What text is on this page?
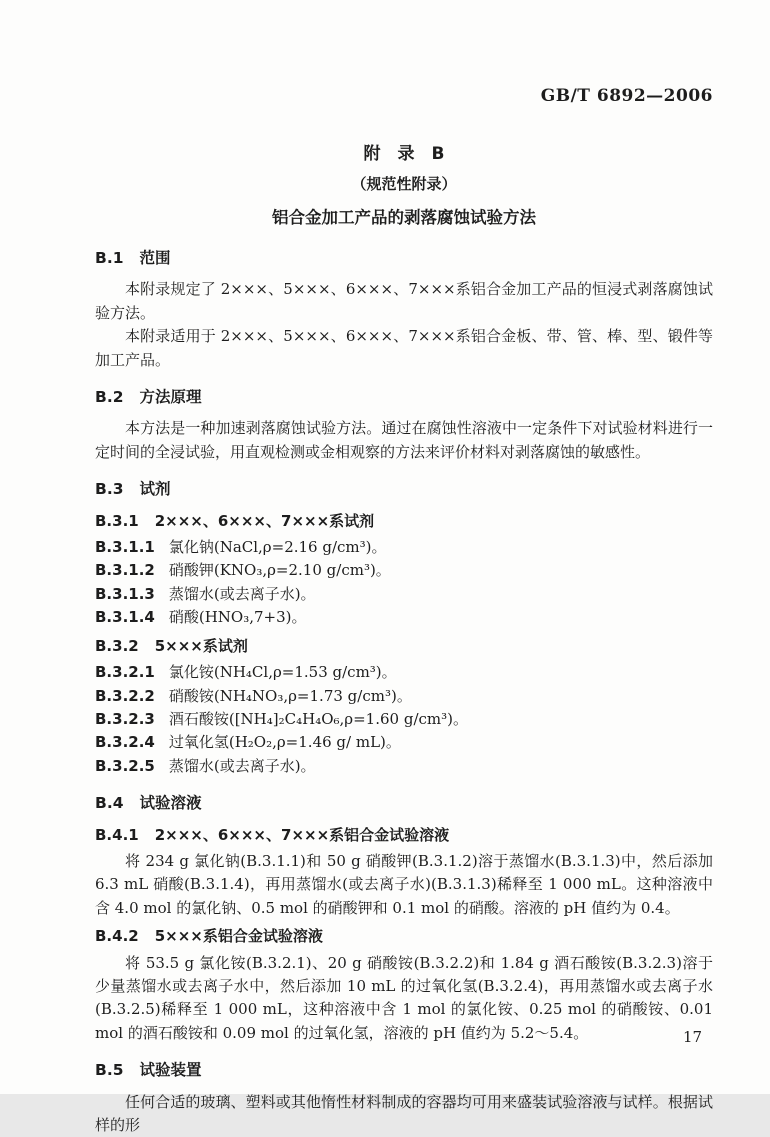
GB/T 6892—2006
附　录　B
（规范性附录）
铝合金加工产品的剥落腐蚀试验方法
B.1 范围

本附录规定了 2×××、5×××、6×××、7×××系铝合金加工产品的恒浸式剥落腐蚀试验方法。

本附录适用于 2×××、5×××、6×××、7×××系铝合金板、带、管、棒、型、锻件等加工产品。

B.2 方法原理

本方法是一种加速剥落腐蚀试验方法。通过在腐蚀性溶液中一定条件下对试验材料进行一定时间的全浸试验，用直观检测或金相观察的方法来评价材料对剥落腐蚀的敏感性。

B.3 试剂
B.3.1 2×××、6×××、7×××系试剂
B.3.1.1 氯化钠(NaCl,ρ=2.16 g/cm³)。
B.3.1.2 硝酸钾(KNO₃,ρ=2.10 g/cm³)。
B.3.1.3 蒸馏水(或去离子水)。
B.3.1.4 硝酸(HNO₃,7+3)。
B.3.2 5×××系试剂
B.3.2.1 氯化铵(NH₄Cl,ρ=1.53 g/cm³)。
B.3.2.2 硝酸铵(NH₄NO₃,ρ=1.73 g/cm³)。
B.3.2.3 酒石酸铵([NH₄]₂C₄H₄O₆,ρ=1.60 g/cm³)。
B.3.2.4 过氧化氢(H₂O₂,ρ=1.46 g/ mL)。
B.3.2.5 蒸馏水(或去离子水)。
B.4 试验溶液
B.4.1 2×××、6×××、7×××系铝合金试验溶液

将 234 g 氯化钠(B.3.1.1)和 50 g 硝酸钾(B.3.1.2)溶于蒸馏水(B.3.1.3)中，然后添加 6.3 mL 硝酸(B.3.1.4)，再用蒸馏水(或去离子水)(B.3.1.3)稀释至 1 000 mL。这种溶液中含 4.0 mol 的氯化钠、0.5 mol 的硝酸钾和 0.1 mol 的硝酸。溶液的 pH 值约为 0.4。

B.4.2 5×××系铝合金试验溶液

将 53.5 g 氯化铵(B.3.2.1)、20 g 硝酸铵(B.3.2.2)和 1.84 g 酒石酸铵(B.3.2.3)溶于少量蒸馏水或去离子水中，然后添加 10 mL 的过氧化氢(B.3.2.4)，再用蒸馏水或去离子水(B.3.2.5)稀释至 1 000 mL，这种溶液中含 1 mol 的氯化铵、0.25 mol 的硝酸铵、0.01 mol 的酒石酸铵和 0.09 mol 的过氧化氢，溶液的 pH 值约为 5.2～5.4。

B.5 试验装置

任何合适的玻璃、塑料或其他惰性材料制成的容器均可用来盛装试验溶液与试样。根据试样的形

17
